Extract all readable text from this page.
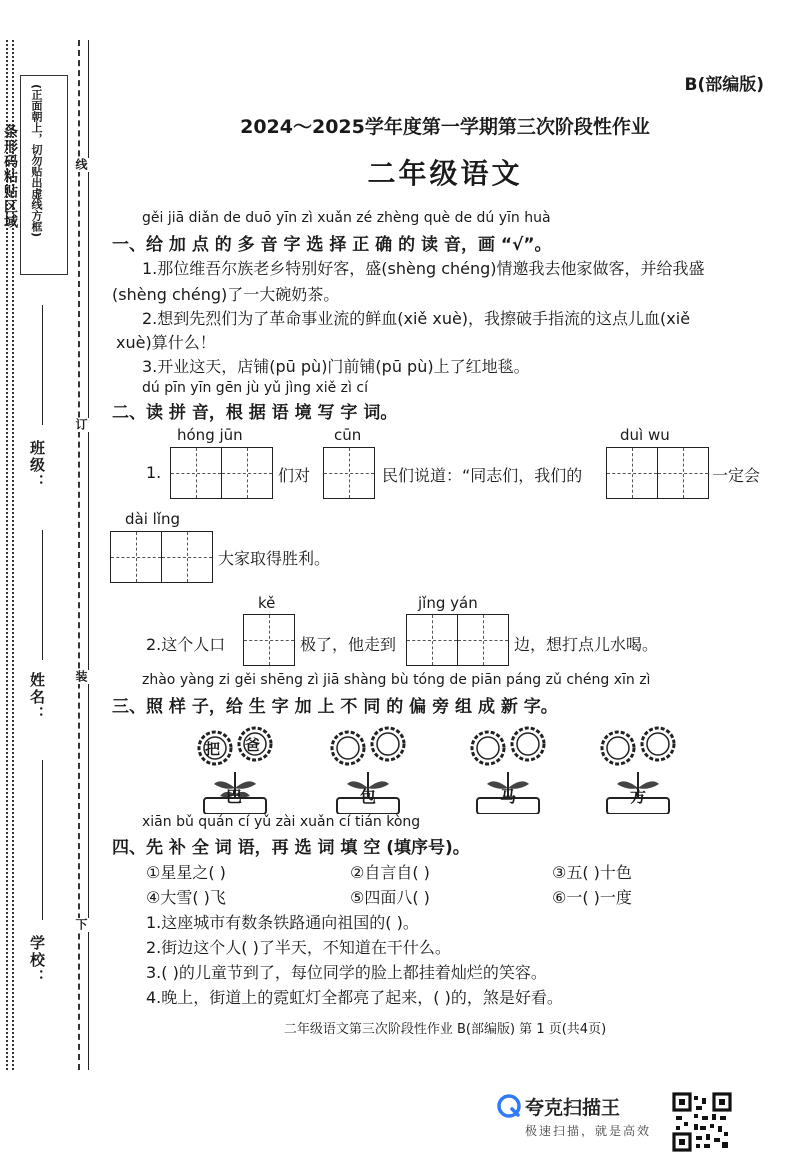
条形码粘贴区域 (正面朝上，切勿贴出虚线方框)	线
订
装
下
班级：
姓名：
学校：
B(部编版)
2024～2025学年度第一学期第三次阶段性作业
二年级语文
gěi jiā diǎn de duō yīn zì xuǎn zé zhèng què de dú yīn huà
一、给 加 点 的 多 音 字 选 择 正 确 的 读 音，画 “√”。
1.那位维吾尔族老乡特别好客，盛(shèng chéng)情邀我去他家做客，并给我盛
(shèng chéng)了一大碗奶茶。
2.想到先烈们为了革命事业流的鲜血(xiě xuè)，我擦破手指流的这点儿血(xiě
xuè)算什么！
3.开业这天，店铺(pū pù)门前铺(pū pù)上了红地毯。
dú pīn yīn gēn jù yǔ jìng xiě zì cí
二、读 拼 音，根 据 语 境 写 字 词。
1.
hóng jūn
们对
cūn
民们说道：“同志们，我们的
duì wu
一定会
dài lǐng
大家取得胜利。
2.这个人口
kě
极了，他走到
jǐng yán
边，想打点儿水喝。
zhào yàng zi gěi shēng zì jiā shàng bù tóng de piān páng zǔ chéng xīn zì
三、照 样 子，给 生 字 加 上 不 同 的 偏 旁 组 成 新 字。
把 爸
巴	包	马	方
xiān bǔ quán cí yǔ zài xuǎn cí tián kòng
四、先 补 全 词 语，再 选 词 填 空 (填序号)。
①星星之( )	②自言自( )	③五( )十色
④大雪( )飞	⑤四面八( )	⑥一( )一度
1.这座城市有数条铁路通向祖国的( )。
2.街边这个人( )了半天，不知道在干什么。
3.( )的儿童节到了，每位同学的脸上都挂着灿烂的笑容。
4.晚上，街道上的霓虹灯全都亮了起来，( )的，煞是好看。
二年级语文第三次阶段性作业 B(部编版) 第 1 页(共4页)
夸克扫描王
极速扫描，就是高效
